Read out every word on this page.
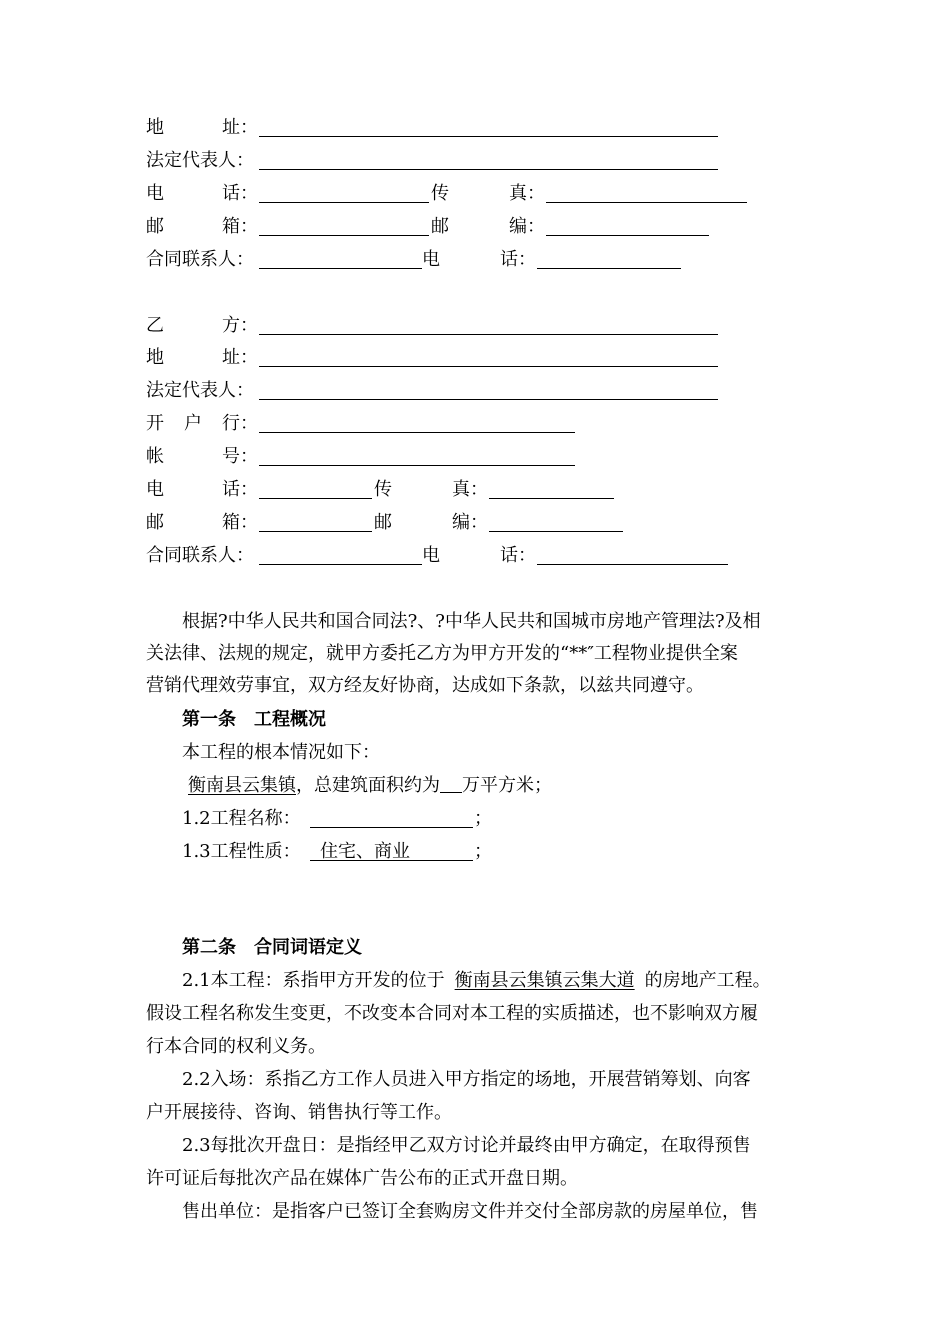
地	址：
法定代表人：
电	话：	传	真：
邮	箱：	邮	编：
合同联系人：	电	话：
乙	方：
地	址：
法定代表人：
开 户 行：
帐	号：
电	话：	传	真：
邮	箱：	邮	编：
合同联系人：	电	话：
根据?中华人民共和国合同法?、?中华人民共和国城市房地产管理法?及相
关法律、法规的规定，就甲方委托乙方为甲方开发的“**″工程物业提供全案
营销代理效劳事宜，双方经友好协商，达成如下条款，以兹共同遵守。
第一条　工程概况
本工程的根本情况如下：
衡南县云集镇，总建筑面积约为 万平方米；
1.2工程名称：	；
1.3工程性质： 住宅、商业	；
第二条　合同词语定义
2.1本工程：系指甲方开发的位于 衡南县云集镇云集大道 的房地产工程。
假设工程名称发生变更，不改变本合同对本工程的实质描述，也不影响双方履
行本合同的权利义务。
2.2入场：系指乙方工作人员进入甲方指定的场地，开展营销筹划、向客
户开展接待、咨询、销售执行等工作。
2.3每批次开盘日：是指经甲乙双方讨论并最终由甲方确定，在取得预售
许可证后每批次产品在媒体广告公布的正式开盘日期。
售出单位：是指客户已签订全套购房文件并交付全部房款的房屋单位，售
